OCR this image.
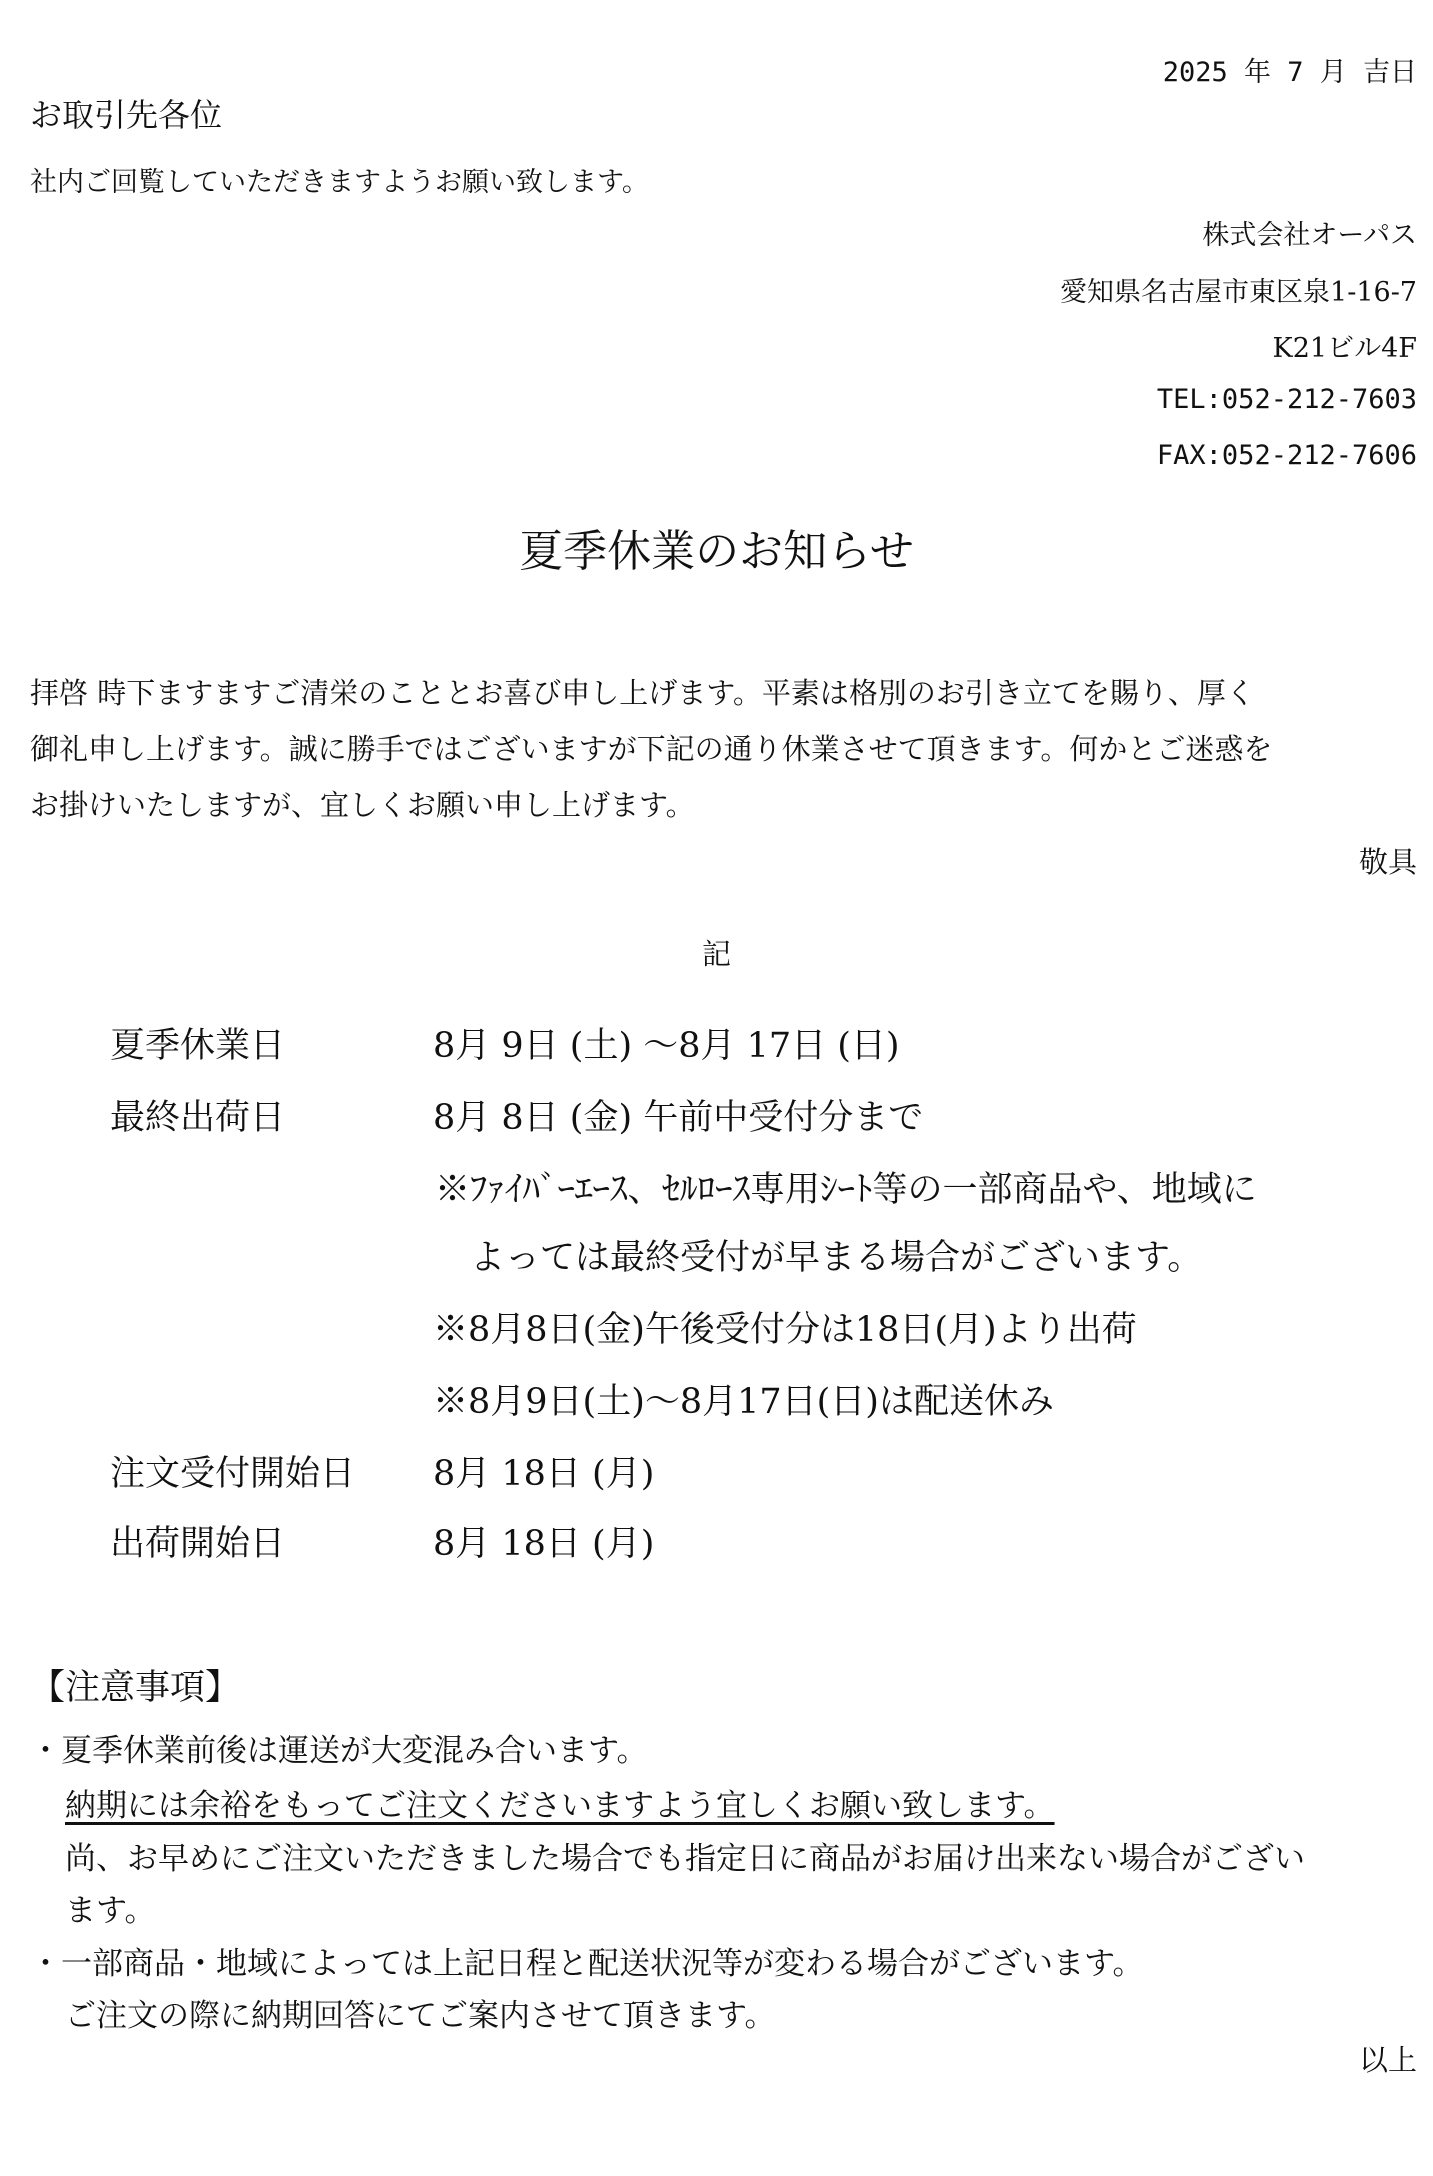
2025 年 7 月 吉日
お取引先各位
社内ご回覧していただきますようお願い致します。
株式会社オーパス
愛知県名古屋市東区泉1-16-7
K21ビル4F
TEL:052-212-7603
FAX:052-212-7606
夏季休業のお知らせ

拝啓 時下ますますご清栄のこととお喜び申し上げます。平素は格別のお引き立てを賜り、厚く

御礼申し上げます。誠に勝手ではございますが下記の通り休業させて頂きます。何かとご迷惑を

お掛けいたしますが、宜しくお願い申し上げます。

敬具
記
夏季休業日	8月 9日 (土) ～8月 17日 (日)
最終出荷日	8月 8日 (金) 午前中受付分まで
※ﾌｧｲﾊﾞｰｴｰｽ、ｾﾙﾛｰｽ専用ｼｰﾄ等の一部商品や、地域に
よっては最終受付が早まる場合がございます。
※8月8日(金)午後受付分は18日(月)より出荷
※8月9日(土)～8月17日(日)は配送休み
注文受付開始日 8月 18日 (月)
出荷開始日	8月 18日 (月)
【注意事項】
・夏季休業前後は運送が大変混み合います。
納期には余裕をもってご注文くださいますよう宜しくお願い致します。
尚、お早めにご注文いただきました場合でも指定日に商品がお届け出来ない場合がござい
ます。
・一部商品・地域によっては上記日程と配送状況等が変わる場合がございます。
ご注文の際に納期回答にてご案内させて頂きます。
以上
